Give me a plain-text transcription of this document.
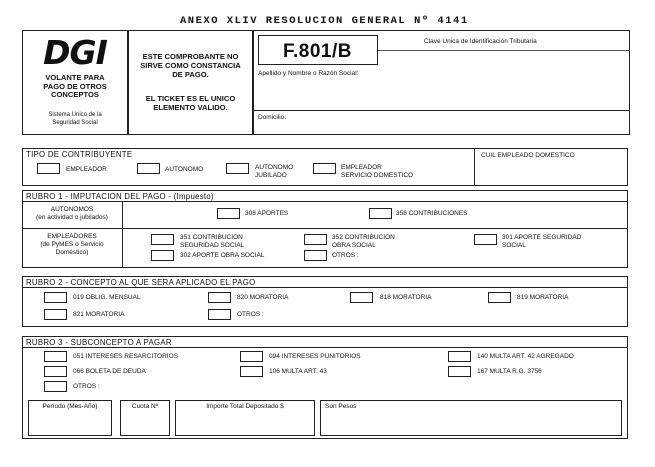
ANEXO XLIV RESOLUCION GENERAL Nº 4141
DGI
VOLANTE PARA
PAGO DE OTROS
CONCEPTOS
Sistema Unico de la
Seguridad Social
ESTE COMPROBANTE NO
SIRVE COMO CONSTANCIA
DE PAGO.
EL TICKET ES EL UNICO
ELEMENTO VALIDO.
F.801/B	Clave Unica de Identificación Tributaria
Apellido y Nombre o Razón Social:
Domicilio:
TIPO DE CONTRIBUYENTE	CUIL EMPLEADO DOMESTICO
EMPLEADOR	AUTONOMO	AUTONOMO
JUBILADO
EMPLEADOR
SERVICIO DOMESTICO
RUBRO 1 - IMPUTACION DEL PAGO - (Impuesto)
AUTONOMOS
(en actividad o jubilados)
308 APORTES	358 CONTRIBUCIONES
EMPLEADORES
(de PyMES o Servicio
Doméstico)
351 CONTRIBUCION
SEGURIDAD SOCIAL
352 CONTRIBUCION
OBRA SOCIAL
301 APORTE SEGURIDAD
SOCIAL
302 APORTE OBRA SOCIAL	OTROS :
RUBRO 2 - CONCEPTO AL QUE SERA APLICADO EL PAGO
019 OBLIG. MENSUAL	820 MORATORIA	818 MORATORIA	819 MORATORIA
821 MORATORIA	OTROS :
RUBRO 3 - SUBCONCEPTO A PAGAR
051 INTERESES RESARCITORIOS	094 INTERESES PUNITORIOS	140 MULTA ART. 42 AGREGADO
066 BOLETA DE DEUDA	106 MULTA ART. 43	167 MULTA R.G. 3756
OTROS :
Período (Mes-Año)	Cuota Nº	Importe Total Depositado $	Son Pesos
